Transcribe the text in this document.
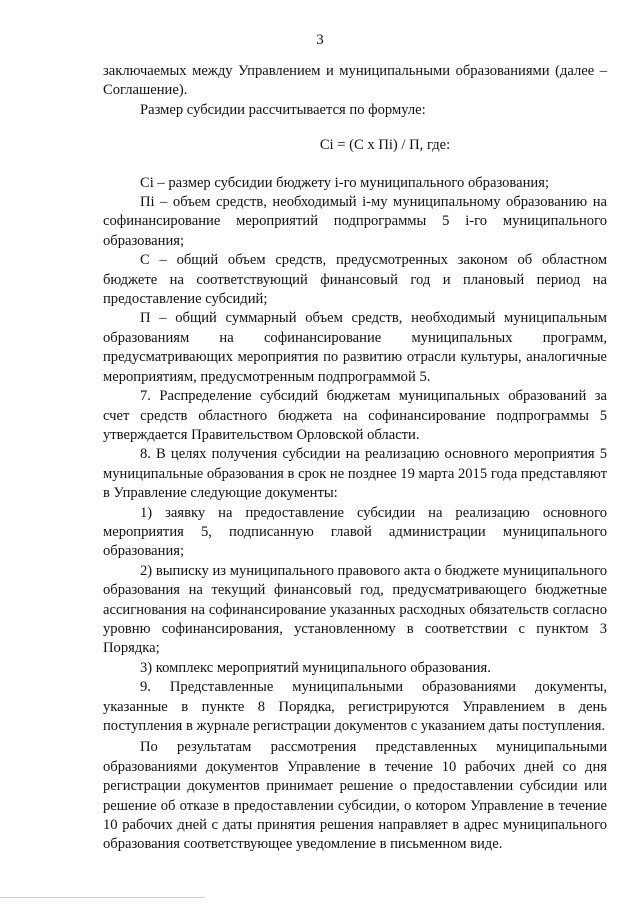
3

заключаемых между Управлением и муниципальными образованиями (далее – Соглашение).

Размер субсидии рассчитывается по формуле:

Сi = (С х Пi) / П, где:

Сi – размер субсидии бюджету i-го муниципального образования;

Пi – объем средств, необходимый i-му муниципальному образованию на софинансирование мероприятий подпрограммы 5 i-го муниципального образования;

С – общий объем средств, предусмотренных законом об областном бюджете на соответствующий финансовый год и плановый период на предоставление субсидий;

П – общий суммарный объем средств, необходимый муниципальным образованиям на софинансирование муниципальных программ, предусматривающих мероприятия по развитию отрасли культуры, аналогичные мероприятиям, предусмотренным подпрограммой 5.

7. Распределение субсидий бюджетам муниципальных образований за счет средств областного бюджета на софинансирование подпрограммы 5 утверждается Правительством Орловской области.

8. В целях получения субсидии на реализацию основного мероприятия 5 муниципальные образования в срок не позднее 19 марта 2015 года представляют в Управление следующие документы:

1) заявку на предоставление субсидии на реализацию основного мероприятия 5, подписанную главой администрации муниципального образования;

2) выписку из муниципального правового акта о бюджете муниципального образования на текущий финансовый год, предусматривающего бюджетные ассигнования на софинансирование указанных расходных обязательств согласно уровню софинансирования, установленному в соответствии с пунктом 3 Порядка;

3) комплекс мероприятий муниципального образования.

9. Представленные муниципальными образованиями документы, указанные в пункте 8 Порядка, регистрируются Управлением в день поступления в журнале регистрации документов с указанием даты поступления.

По результатам рассмотрения представленных муниципальными образованиями документов Управление в течение 10 рабочих дней со дня регистрации документов принимает решение о предоставлении субсидии или решение об отказе в предоставлении субсидии, о котором Управление в течение 10 рабочих дней с даты принятия решения направляет в адрес муниципального образования соответствующее уведомление в письменном виде.
